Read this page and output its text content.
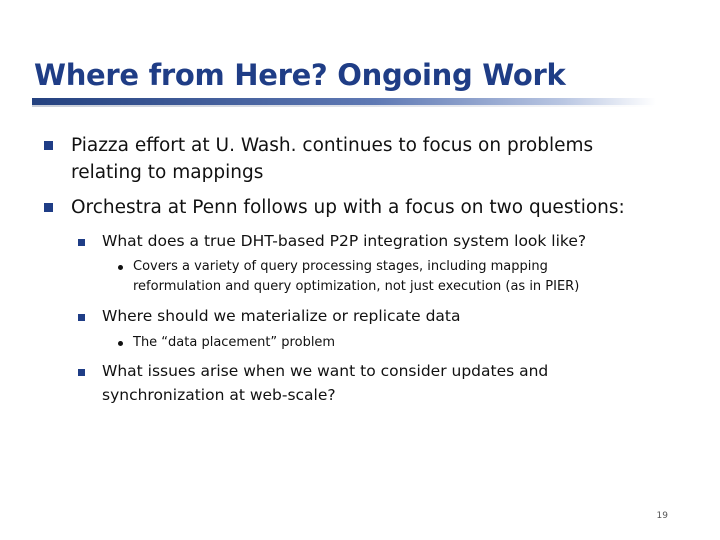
Where from Here? Ongoing Work
Piazza effort at U. Wash. continues to focus on problems
relating to mappings
Orchestra at Penn follows up with a focus on two questions:
What does a true DHT-based P2P integration system look like?
Covers a variety of query processing stages, including mapping
reformulation and query optimization, not just execution (as in PIER)
Where should we materialize or replicate data
The “data placement” problem
What issues arise when we want to consider updates and
synchronization at web-scale?
19
